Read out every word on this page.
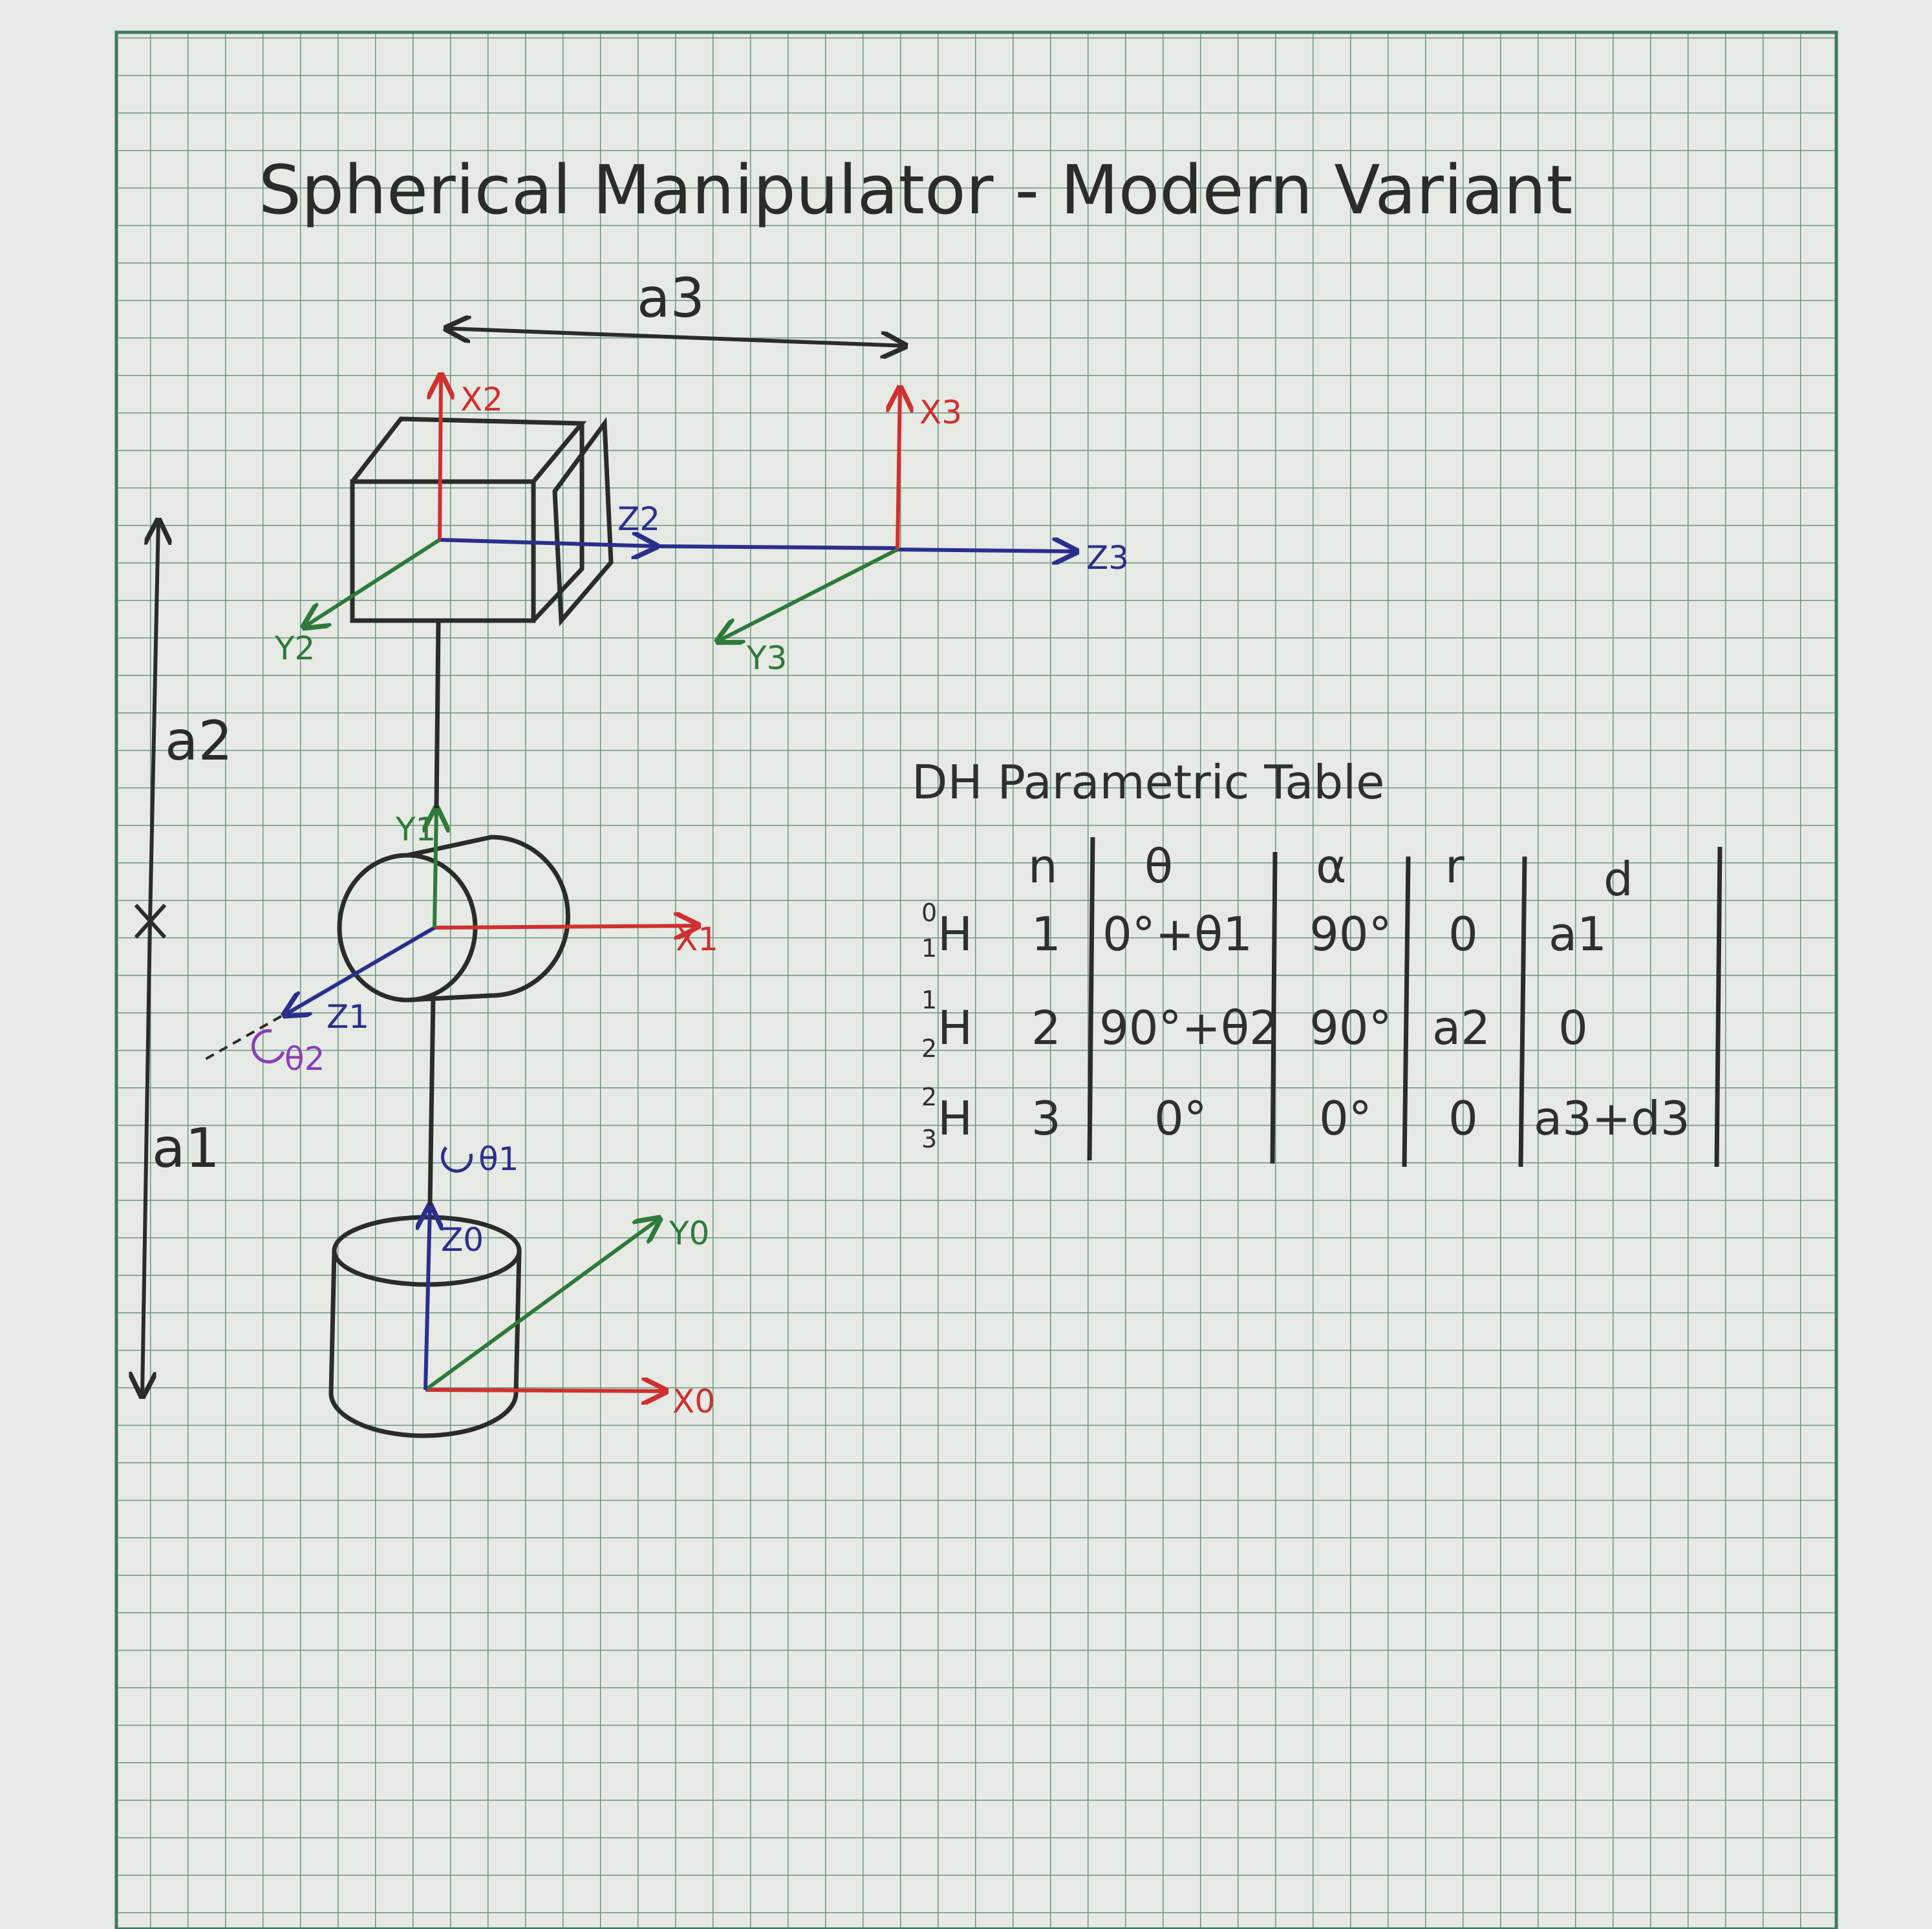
Spherical Manipulator - Modern Variant
a3
a2
a1
X0
Y0
Z0
θ1
X1
Z1
Y1
θ2
Z2
X2
Y2
Z3
X3
Y3
DH Parametric Table
n θ	α r	d
0
1 H 1 0°+θ1 90° 0 a1
1
2 H 2 90°+θ2 90° a2 0
2
3 H 3 0° 0° 0 a3+d3
